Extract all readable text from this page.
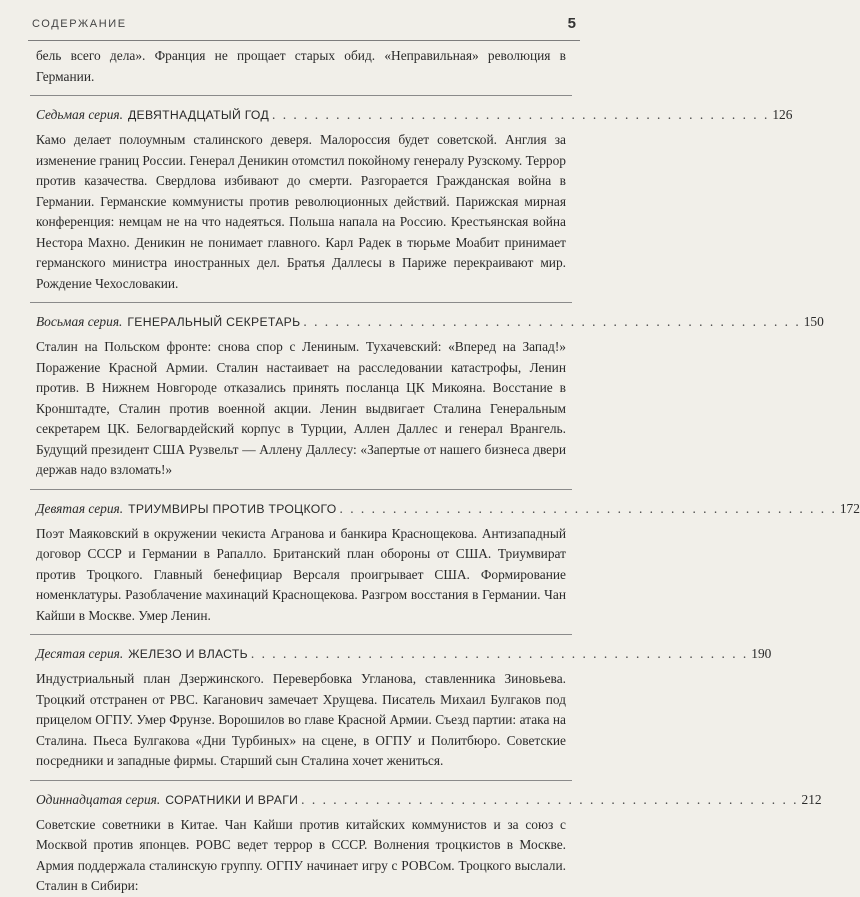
СОДЕРЖАНИЕ	5

бель всего дела». Франция не прощает старых обид. «Неправильная» революция в Германии.

Седьмая серия. ДЕВЯТНАДЦАТЫЙ ГОД . . . . . . . . . . . . . . . . . . . . . . . . . . . . . . . . . . . . . . . . . . . . . . . 126

Камо делает полоумным сталинского деверя. Малороссия будет советской. Англия за изменение границ России. Генерал Деникин отомстил покойному генералу Рузскому. Террор против казачества. Свердлова избивают до смерти. Разгорается Гражданская война в Германии. Германские коммунисты против революционных действий. Парижская мирная конференция: немцам не на что надеяться. Польша напала на Россию. Крестьянская война Нестора Махно. Деникин не понимает главного. Карл Радек в тюрьме Моабит принимает германского министра иностранных дел. Братья Даллесы в Париже перекраивают мир. Рождение Чехословакии.

Восьмая серия. ГЕНЕРАЛЬНЫЙ СЕКРЕТАРЬ . . . . . . . . . . . . . . . . . . . . . . . . . . . . . . . . . . . . . . . . . . . . . . . 150

Сталин на Польском фронте: снова спор с Лениным. Тухачевский: «Вперед на Запад!» Поражение Красной Армии. Сталин настаивает на расследовании катастрофы, Ленин против. В Нижнем Новгороде отказались принять посланца ЦК Микояна. Восстание в Кронштадте, Сталин против военной акции. Ленин выдвигает Сталина Генеральным секретарем ЦК. Белогвардейский корпус в Турции, Аллен Даллес и генерал Врангель. Будущий президент США Рузвельт — Аллену Даллесу: «Запертые от нашего бизнеса двери держав надо взломать!»

Девятая серия. ТРИУМВИРЫ ПРОТИВ ТРОЦКОГО . . . . . . . . . . . . . . . . . . . . . . . . . . . . . . . . . . . . . . . . . . . . . . . 172

Поэт Маяковский в окружении чекиста Агранова и банкира Краснощекова. Антизападный договор СССР и Германии в Рапалло. Британский план обороны от США. Триумвират против Троцкого. Главный бенефициар Версаля проигрывает США. Формирование номенклатуры. Разоблачение махинаций Краснощекова. Разгром восстания в Германии. Чан Кайши в Москве. Умер Ленин.

Десятая серия. ЖЕЛЕЗО И ВЛАСТЬ . . . . . . . . . . . . . . . . . . . . . . . . . . . . . . . . . . . . . . . . . . . . . . . 190

Индустриальный план Дзержинского. Перевербовка Угланова, ставленника Зиновьева. Троцкий отстранен от РВС. Каганович замечает Хрущева. Писатель Михаил Булгаков под прицелом ОГПУ. Умер Фрунзе. Ворошилов во главе Красной Армии. Съезд партии: атака на Сталина. Пьеса Булгакова «Дни Турбиных» на сцене, в ОГПУ и Политбюро. Советские посредники и западные фирмы. Старший сын Сталина хочет жениться.

Одиннадцатая серия. СОРАТНИКИ И ВРАГИ . . . . . . . . . . . . . . . . . . . . . . . . . . . . . . . . . . . . . . . . . . . . . . . 212

Советские советники в Китае. Чан Кайши против китайских коммунистов и за союз с Москвой против японцев. РОВС ведет террор в СССР. Волнения троцкистов в Москве. Армия поддержала сталинскую группу. ОГПУ начинает игру с РОВСом. Троцкого выслали. Сталин в Сибири:
